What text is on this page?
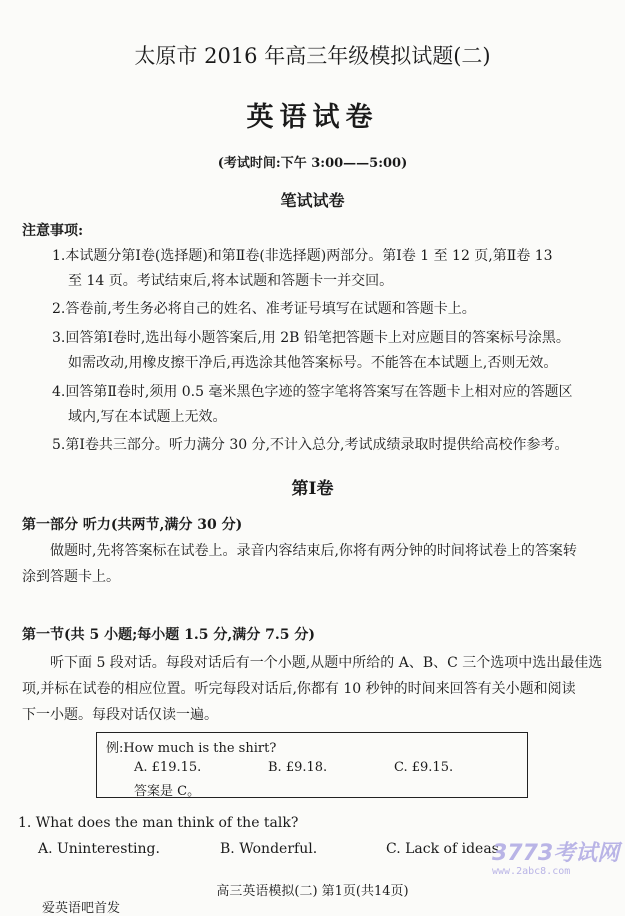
太原市 2016 年高三年级模拟试题(二)
英语试卷
(考试时间:下午 3:00——5:00)
笔试试卷
注意事项:
1.本试题分第Ⅰ卷(选择题)和第Ⅱ卷(非选择题)两部分。第Ⅰ卷 1 至 12 页,第Ⅱ卷 13
至 14 页。考试结束后,将本试题和答题卡一并交回。
2.答卷前,考生务必将自己的姓名、准考证号填写在试题和答题卡上。
3.回答第Ⅰ卷时,选出每小题答案后,用 2B 铅笔把答题卡上对应题目的答案标号涂黑。
如需改动,用橡皮擦干净后,再选涂其他答案标号。不能答在本试题上,否则无效。
4.回答第Ⅱ卷时,须用 0.5 毫米黑色字迹的签字笔将答案写在答题卡上相对应的答题区
域内,写在本试题上无效。
5.第Ⅰ卷共三部分。听力满分 30 分,不计入总分,考试成绩录取时提供给高校作参考。
第Ⅰ卷
第一部分 听力(共两节,满分 30 分)
做题时,先将答案标在试卷上。录音内容结束后,你将有两分钟的时间将试卷上的答案转
涂到答题卡上。
第一节(共 5 小题;每小题 1.5 分,满分 7.5 分)
听下面 5 段对话。每段对话后有一个小题,从题中所给的 A、B、C 三个选项中选出最佳选
项,并标在试卷的相应位置。听完每段对话后,你都有 10 秒钟的时间来回答有关小题和阅读
下一小题。每段对话仅读一遍。
例:How much is the shirt?
A. £19.15.	B. £9.18.	C. £9.15.
答案是 C。
1. What does the man think of the talk?
A. Uninteresting.	B. Wonderful.	C. Lack of ideas.
高三英语模拟(二) 第1页(共14页)
爱英语吧首发
3773考试网
www.2abc8.com
